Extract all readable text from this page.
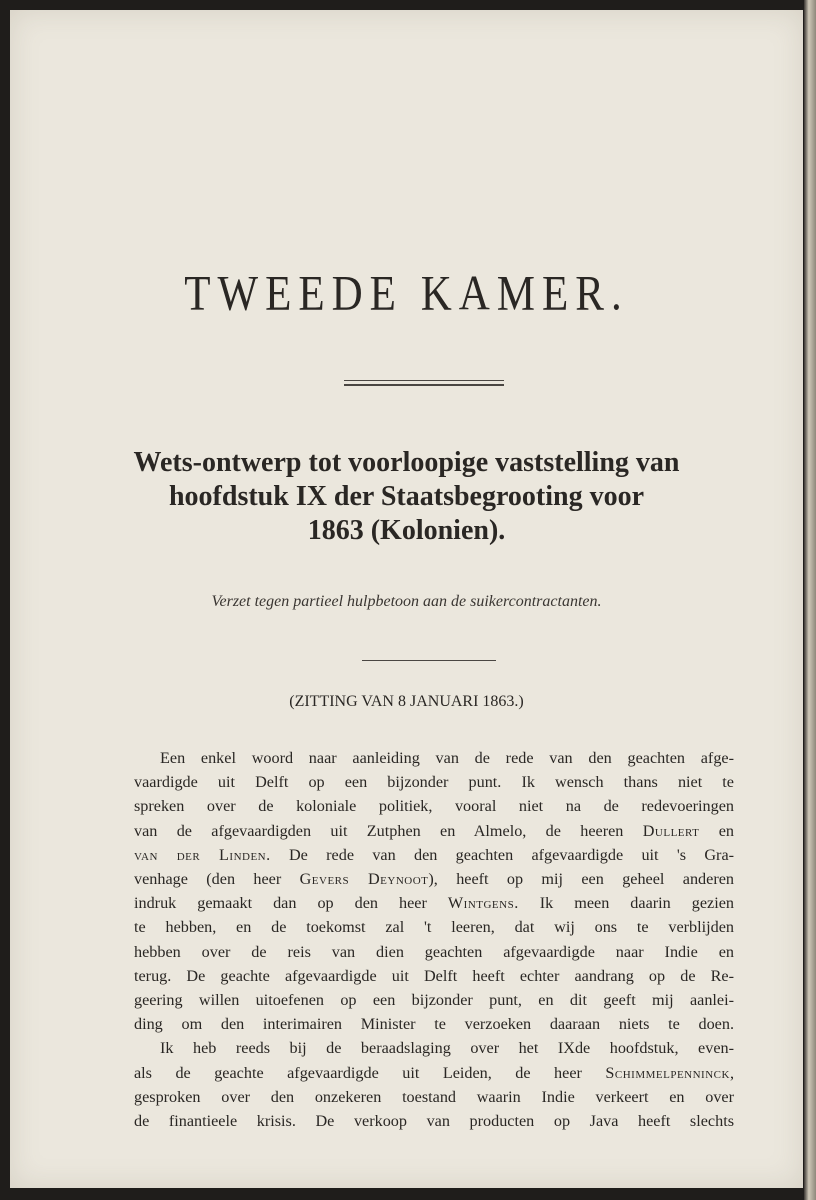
TWEEDE KAMER.
Wets-ontwerp tot voorloopige vaststelling van
hoofdstuk IX der Staatsbegrooting voor
1863 (Kolonien).
Verzet tegen partieel hulpbetoon aan de suikercontractanten.
(ZITTING VAN 8 JANUARI 1863.)
Een enkel woord naar aanleiding van de rede van den geachten afge-
vaardigde uit Delft op een bijzonder punt. Ik wensch thans niet te
spreken over de koloniale politiek, vooral niet na de redevoeringen
van de afgevaardigden uit Zutphen en Almelo, de heeren Dullert en
van der Linden. De rede van den geachten afgevaardigde uit 's Gra-
venhage (den heer Gevers Deynoot), heeft op mij een geheel anderen
indruk gemaakt dan op den heer Wintgens. Ik meen daarin gezien
te hebben, en de toekomst zal 't leeren, dat wij ons te verblijden
hebben over de reis van dien geachten afgevaardigde naar Indie en
terug. De geachte afgevaardigde uit Delft heeft echter aandrang op de Re-
geering willen uitoefenen op een bijzonder punt, en dit geeft mij aanlei-
ding om den interimairen Minister te verzoeken daaraan niets te doen.
Ik heb reeds bij de beraadslaging over het IXde hoofdstuk, even-
als de geachte afgevaardigde uit Leiden, de heer Schimmelpenninck,
gesproken over den onzekeren toestand waarin Indie verkeert en over
de finantieele krisis. De verkoop van producten op Java heeft slechts
